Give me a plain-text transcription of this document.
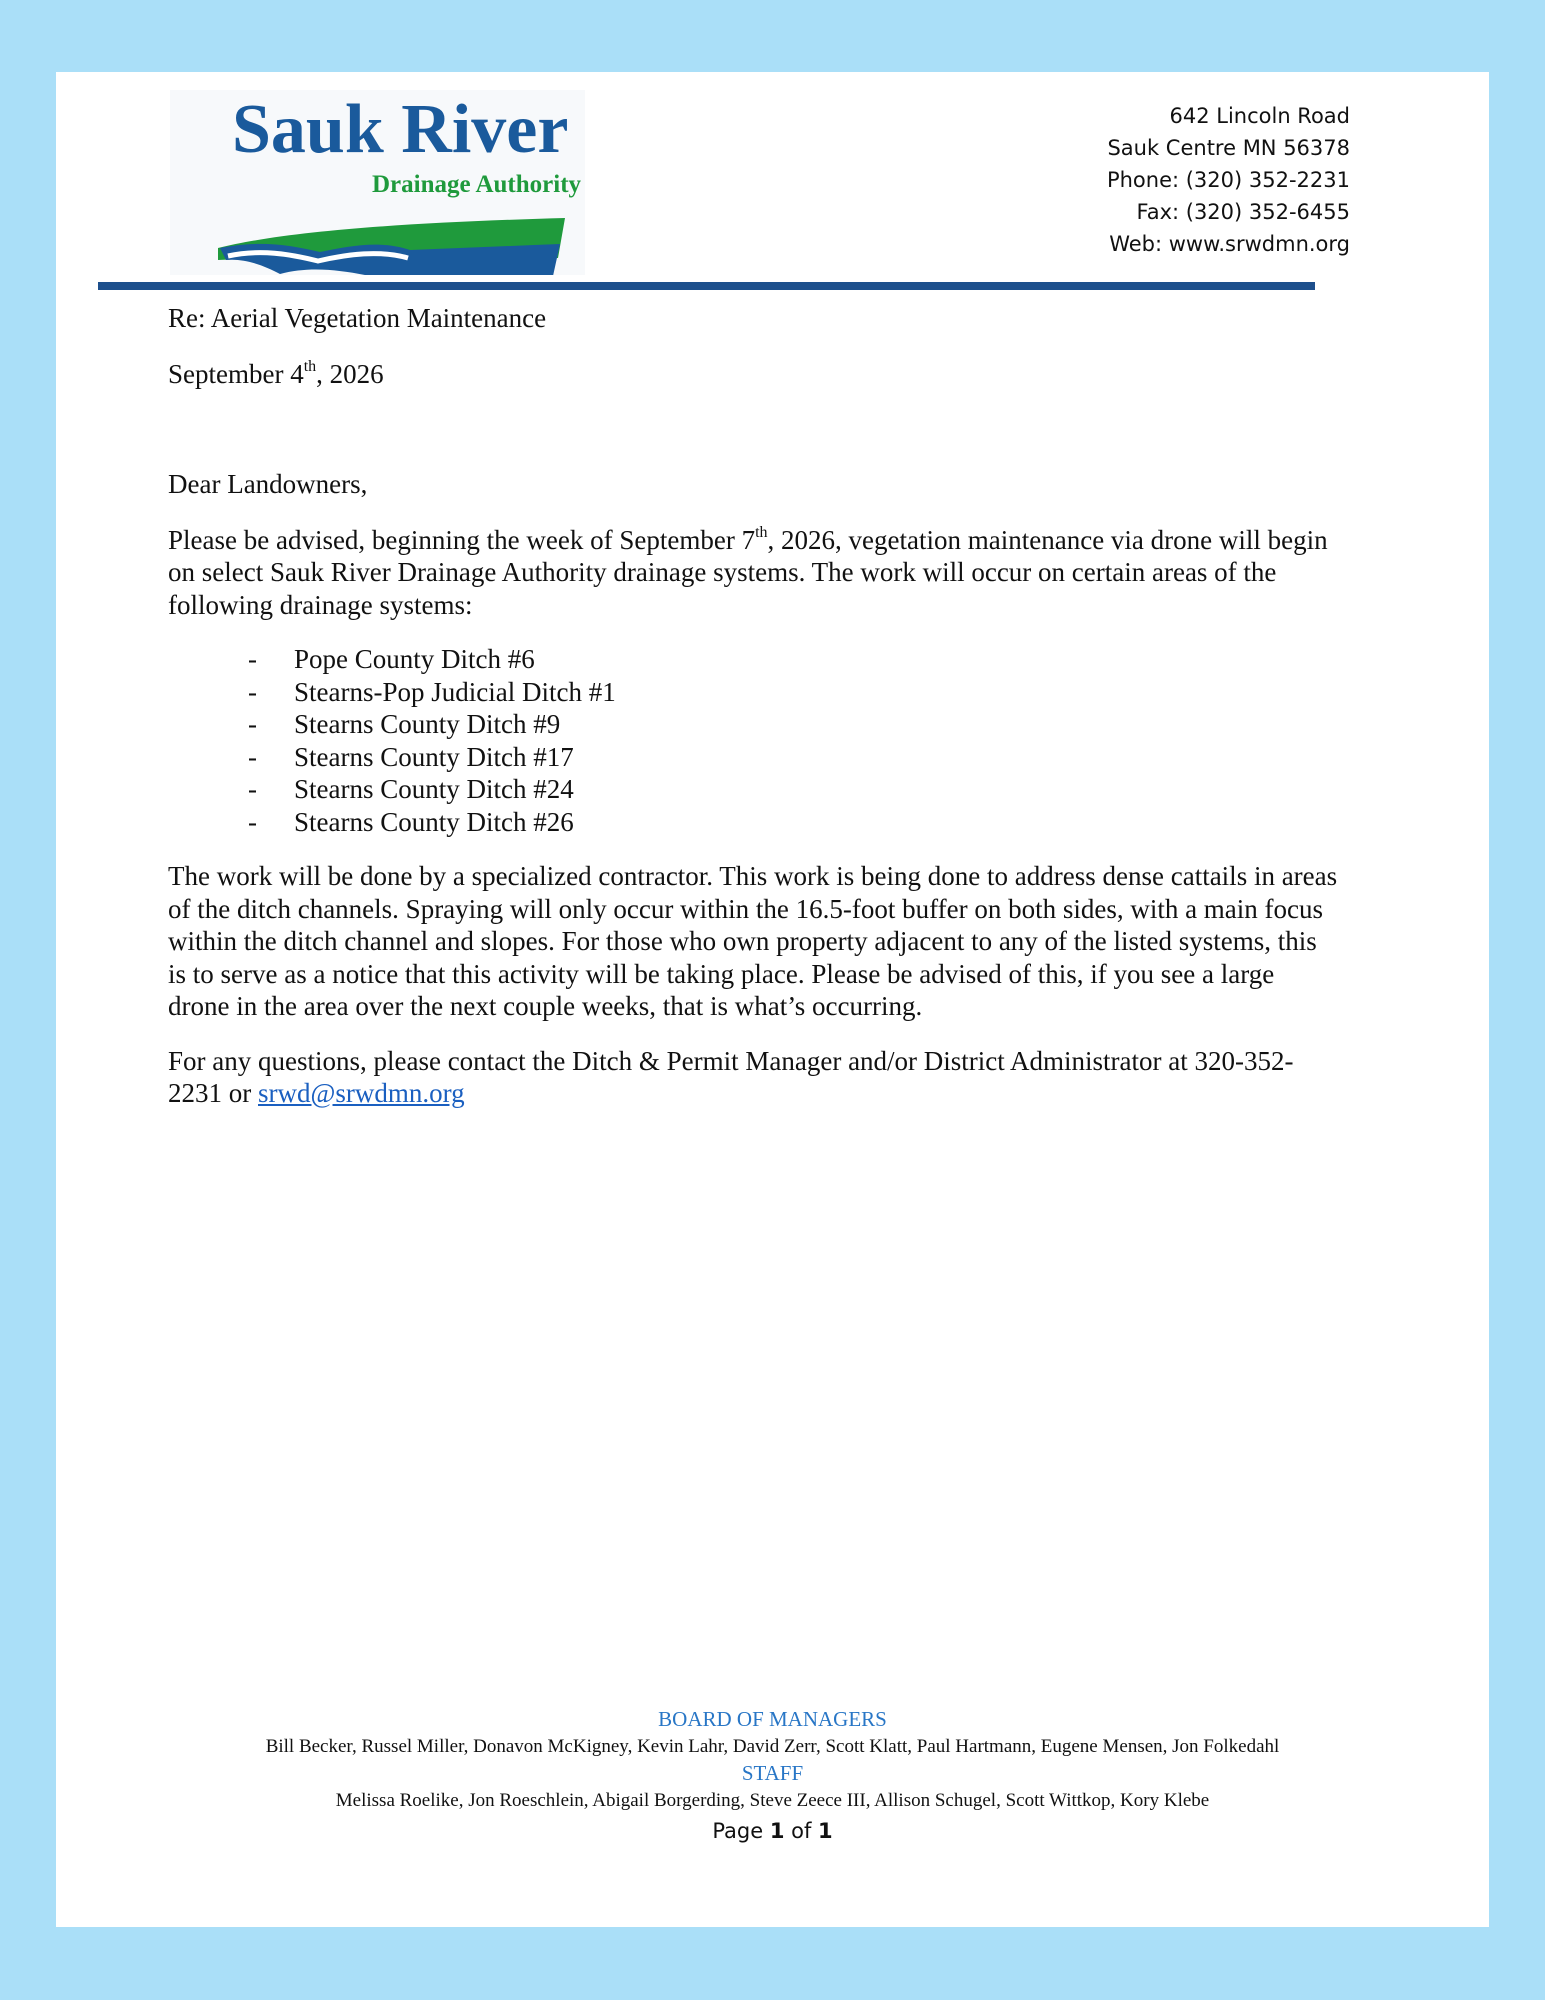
Sauk River

Drainage Authority

642 Lincoln Road
Sauk Centre MN 56378
Phone: (320) 352-2231
Fax: (320) 352-6455
Web: www.srwdmn.org

Re: Aerial Vegetation Maintenance

September 4th, 2026

Dear Landowners,

Please be advised, beginning the week of September 7th, 2026, vegetation maintenance via drone will begin on select Sauk River Drainage Authority drainage systems. The work will occur on certain areas of the following drainage systems:

- Pope County Ditch #6
- Stearns-Pop Judicial Ditch #1
- Stearns County Ditch #9
- Stearns County Ditch #17
- Stearns County Ditch #24
- Stearns County Ditch #26

The work will be done by a specialized contractor. This work is being done to address dense cattails in areas of the ditch channels. Spraying will only occur within the 16.5-foot buffer on both sides, with a main focus within the ditch channel and slopes. For those who own property adjacent to any of the listed systems, this is to serve as a notice that this activity will be taking place. Please be advised of this, if you see a large drone in the area over the next couple weeks, that is what’s occurring.

For any questions, please contact the Ditch & Permit Manager and/or District Administrator at 320-352-2231 or srwd@srwdmn.org

BOARD OF MANAGERS
Bill Becker, Russel Miller, Donavon McKigney, Kevin Lahr, David Zerr, Scott Klatt, Paul Hartmann, Eugene Mensen, Jon Folkedahl
STAFF
Melissa Roelike, Jon Roeschlein, Abigail Borgerding, Steve Zeece III, Allison Schugel, Scott Wittkop, Kory Klebe
Page 1 of 1
